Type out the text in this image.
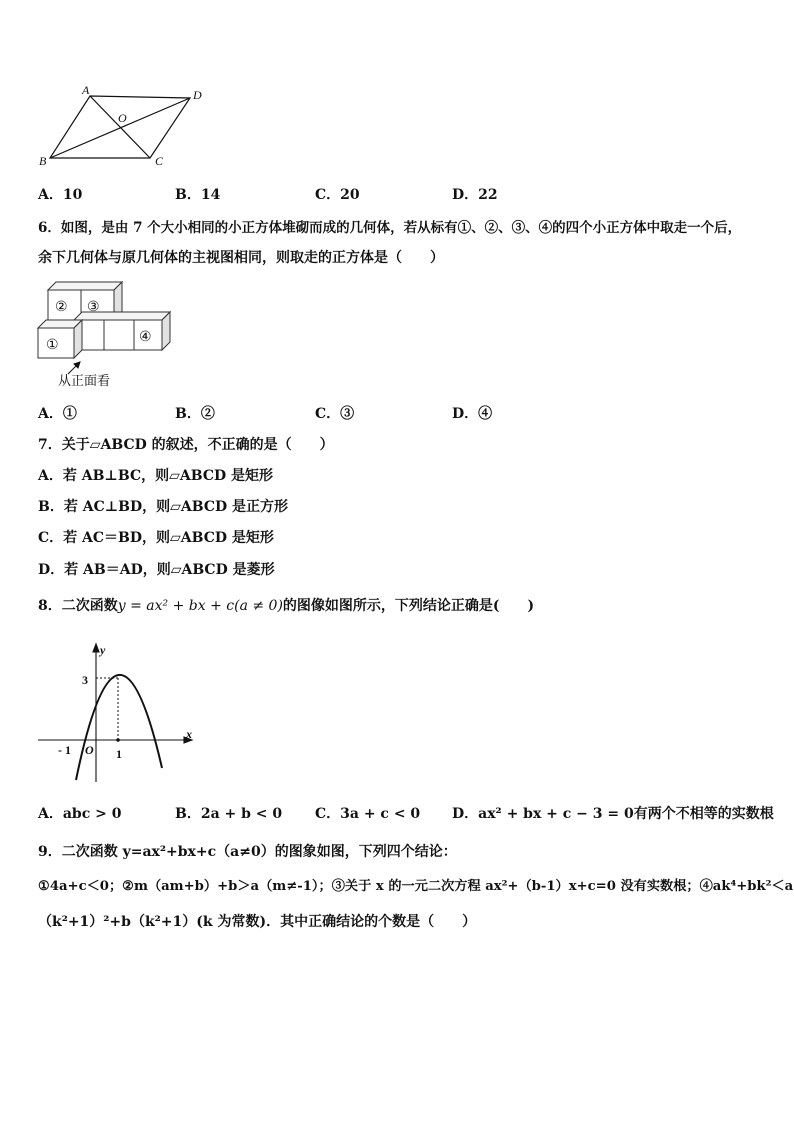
A	D
O
B	C
A．10	B．14	C．20	D．22
6．如图，是由 7 个大小相同的小正方体堆砌而成的几何体，若从标有①、②、③、④的四个小正方体中取走一个后，
余下几何体与原几何体的主视图相同，则取走的正方体是（　　）
② ③
①
④
从正面看
A．①	B．②	C．③	D．④
7．关于▱ABCD 的叙述，不正确的是（　　）
A．若 AB⊥BC，则▱ABCD 是矩形
B．若 AC⊥BD，则▱ABCD 是正方形
C．若 AC＝BD，则▱ABCD 是矩形
D．若 AB＝AD，则▱ABCD 是菱形
8．二次函数y = ax² + bx + c(a ≠ 0)的图像如图所示，下列结论正确是(　　)
y
x
3
O
- 1	1
A．abc > 0	B．2a + b < 0 C．3a + c < 0 D．ax² + bx + c − 3 = 0有两个不相等的实数根
9．二次函数 y=ax²+bx+c（a≠0）的图象如图，下列四个结论：
①4a+c＜0；②m（am+b）+b＞a（m≠-1）；③关于 x 的一元二次方程 ax²+（b-1）x+c=0 没有实数根；④ak⁴+bk²＜a
（k²+1）²+b（k²+1）(k 为常数)．其中正确结论的个数是（　　）
